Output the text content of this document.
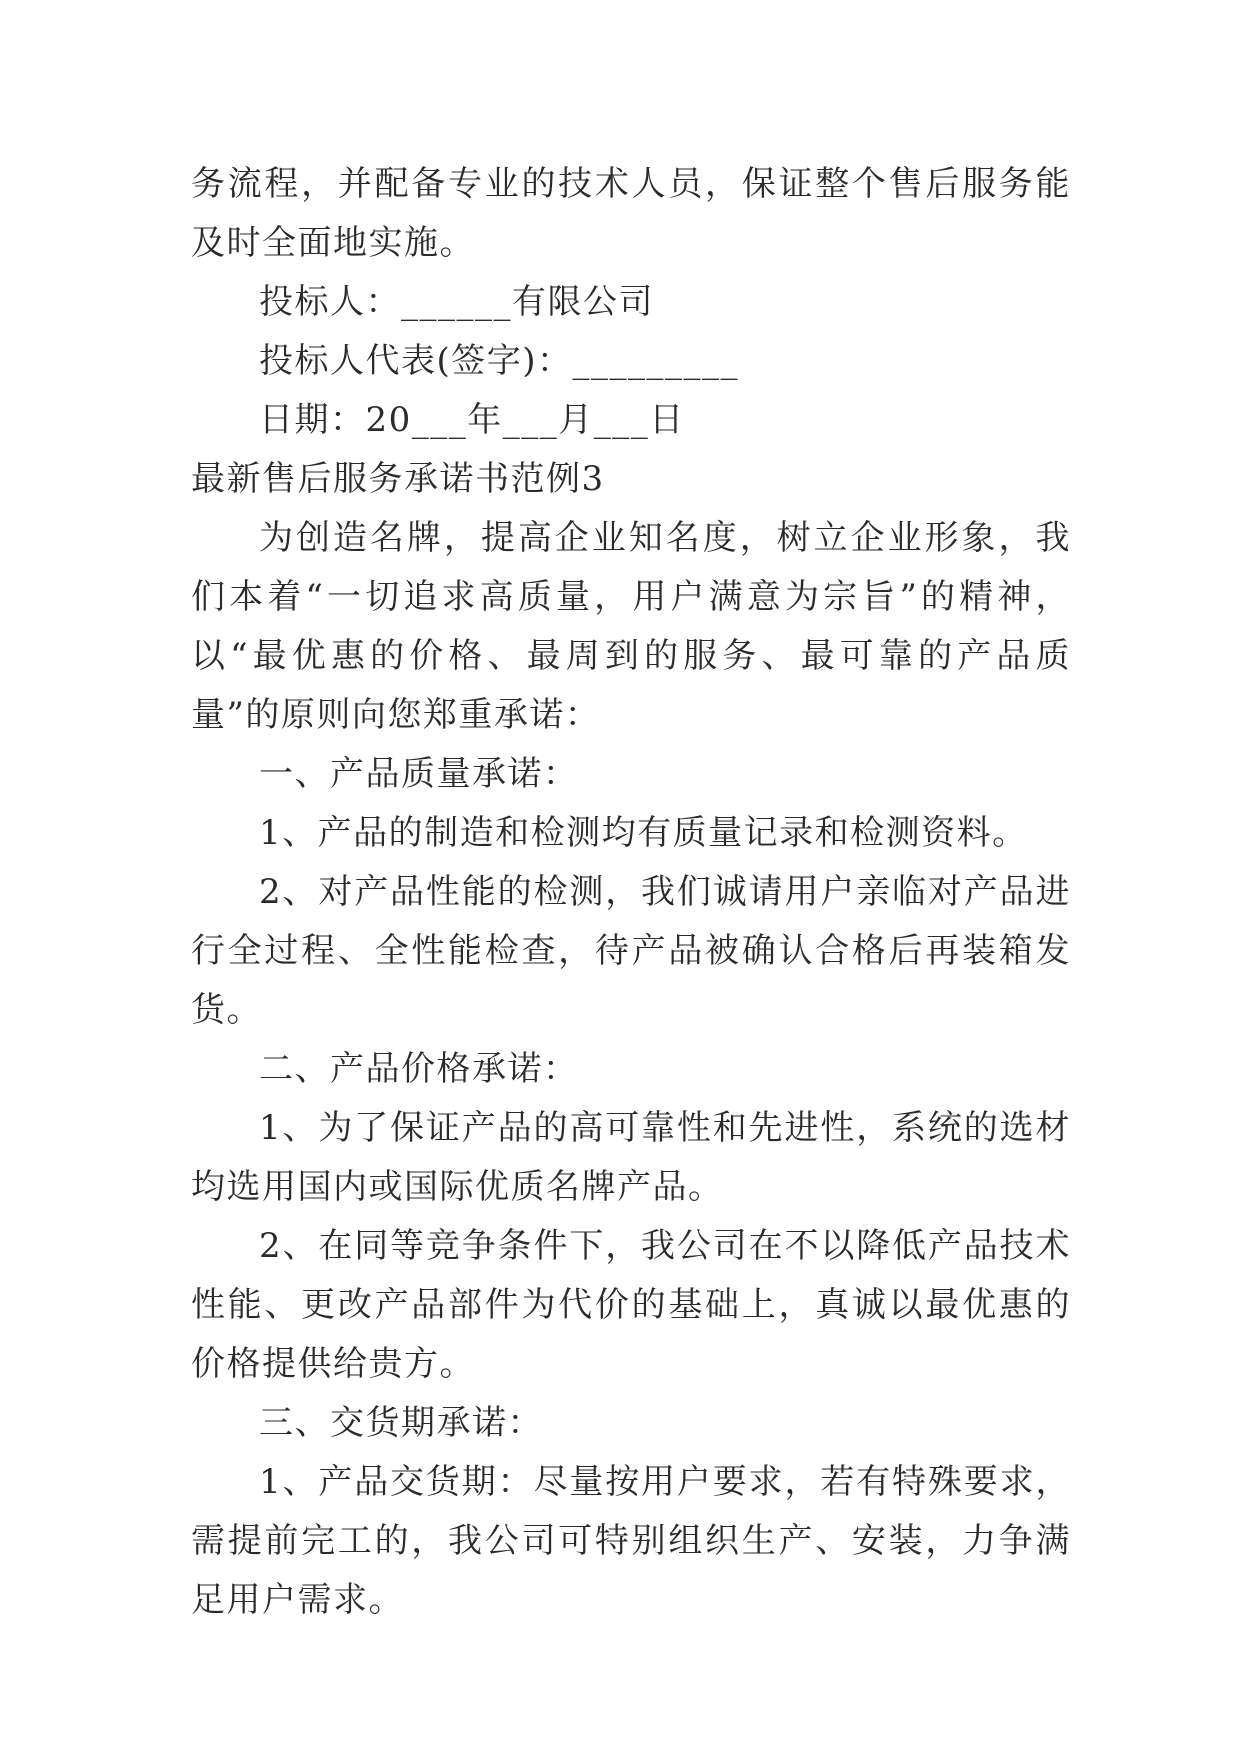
务流程，并配备专业的技术人员，保证整个售后服务能及时全面地实施。

投标人：______有限公司

投标人代表(签字)：_________

日期：20___年___月___日

最新售后服务承诺书范例3

为创造名牌，提高企业知名度，树立企业形象，我们本着“一切追求高质量，用户满意为宗旨”的精神，以“最优惠的价格、最周到的服务、最可靠的产品质量”的原则向您郑重承诺：

一、产品质量承诺：

1、产品的制造和检测均有质量记录和检测资料。

2、对产品性能的检测，我们诚请用户亲临对产品进行全过程、全性能检查，待产品被确认合格后再装箱发货。

二、产品价格承诺：

1、为了保证产品的高可靠性和先进性，系统的选材均选用国内或国际优质名牌产品。

2、在同等竞争条件下，我公司在不以降低产品技术性能、更改产品部件为代价的基础上，真诚以最优惠的价格提供给贵方。

三、交货期承诺：

1、产品交货期：尽量按用户要求，若有特殊要求，需提前完工的，我公司可特别组织生产、安装，力争满足用户需求。
